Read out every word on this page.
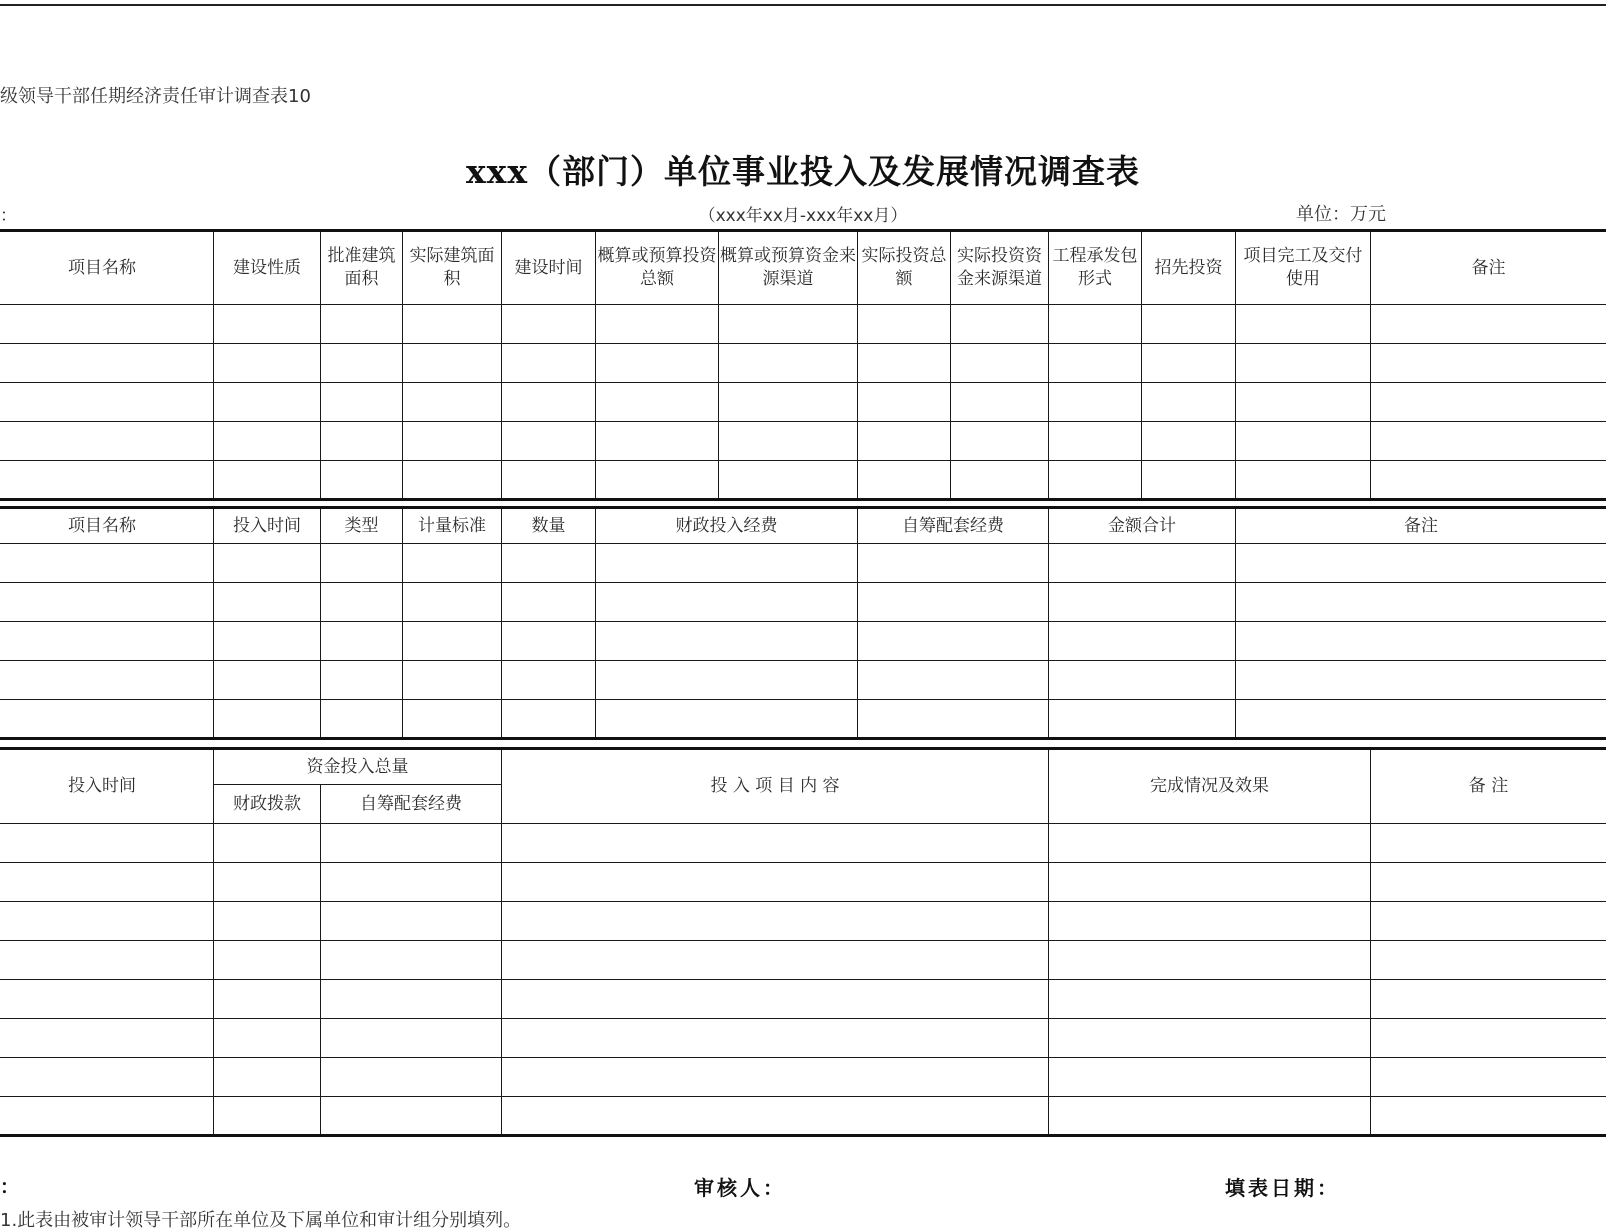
级领导干部任期经济责任审计调查表10
xxx（部门）单位事业投入及发展情况调查表
：	（xxx年xx月-xxx年xx月）	单位：万元
项目名称	建设性质	批准建筑面积	实际建筑面积	建设时间	概算或预算投资总额	概算或预算资金来源渠道	实际投资总额	实际投资资金来源渠道	工程承发包形式	招先投资	项目完工及交付使用	备注

项目名称	投入时间	类型	计量标准	数量	财政投入经费	自筹配套经费	金额合计	备注

投入时间	资金投入总量		投 入 项 目 内 容	完成情况及效果	备 注
	财政拨款	自筹配套经费			

：	审核人：	填表日期：
1.此表由被审计领导干部所在单位及下属单位和审计组分别填列。
